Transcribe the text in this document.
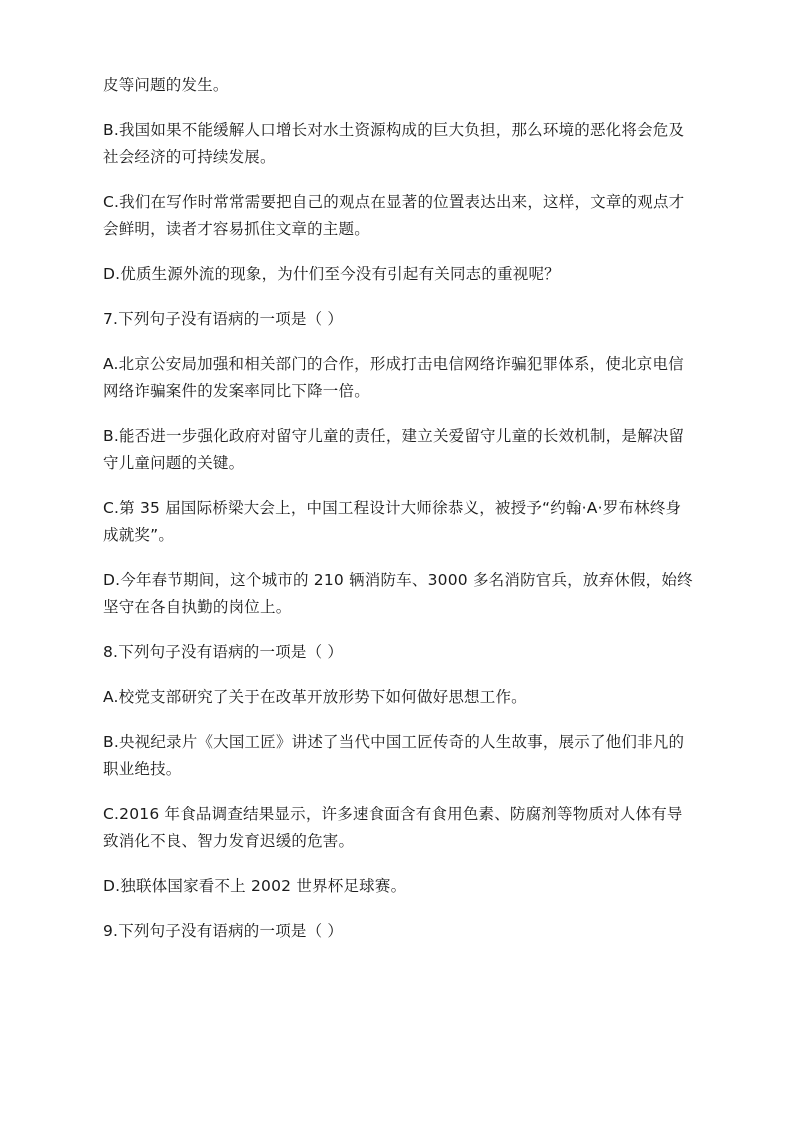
皮等问题的发生。

B.我国如果不能缓解人口增长对水土资源构成的巨大负担，那么环境的恶化将会危及
社会经济的可持续发展。

C.我们在写作时常常需要把自己的观点在显著的位置表达出来，这样，文章的观点才
会鲜明，读者才容易抓住文章的主题。

D.优质生源外流的现象，为什们至今没有引起有关同志的重视呢？

7.下列句子没有语病的一项是（ ）

A.北京公安局加强和相关部门的合作，形成打击电信网络诈骗犯罪体系，使北京电信
网络诈骗案件的发案率同比下降一倍。

B.能否进一步强化政府对留守儿童的责任，建立关爱留守儿童的长效机制，是解决留
守儿童问题的关键。

C.第 35 届国际桥梁大会上，中国工程设计大师徐恭义，被授予“约翰·A·罗布林终身
成就奖”。

D.今年春节期间，这个城市的 210 辆消防车、3000 多名消防官兵，放弃休假，始终
坚守在各自执勤的岗位上。

8.下列句子没有语病的一项是（ ）

A.校党支部研究了关于在改革开放形势下如何做好思想工作。

B.央视纪录片《大国工匠》讲述了当代中国工匠传奇的人生故事，展示了他们非凡的
职业绝技。

C.2016 年食品调查结果显示，许多速食面含有食用色素、防腐剂等物质对人体有导
致消化不良、智力发育迟缓的危害。

D.独联体国家看不上 2002 世界杯足球赛。

9.下列句子没有语病的一项是（ ）
